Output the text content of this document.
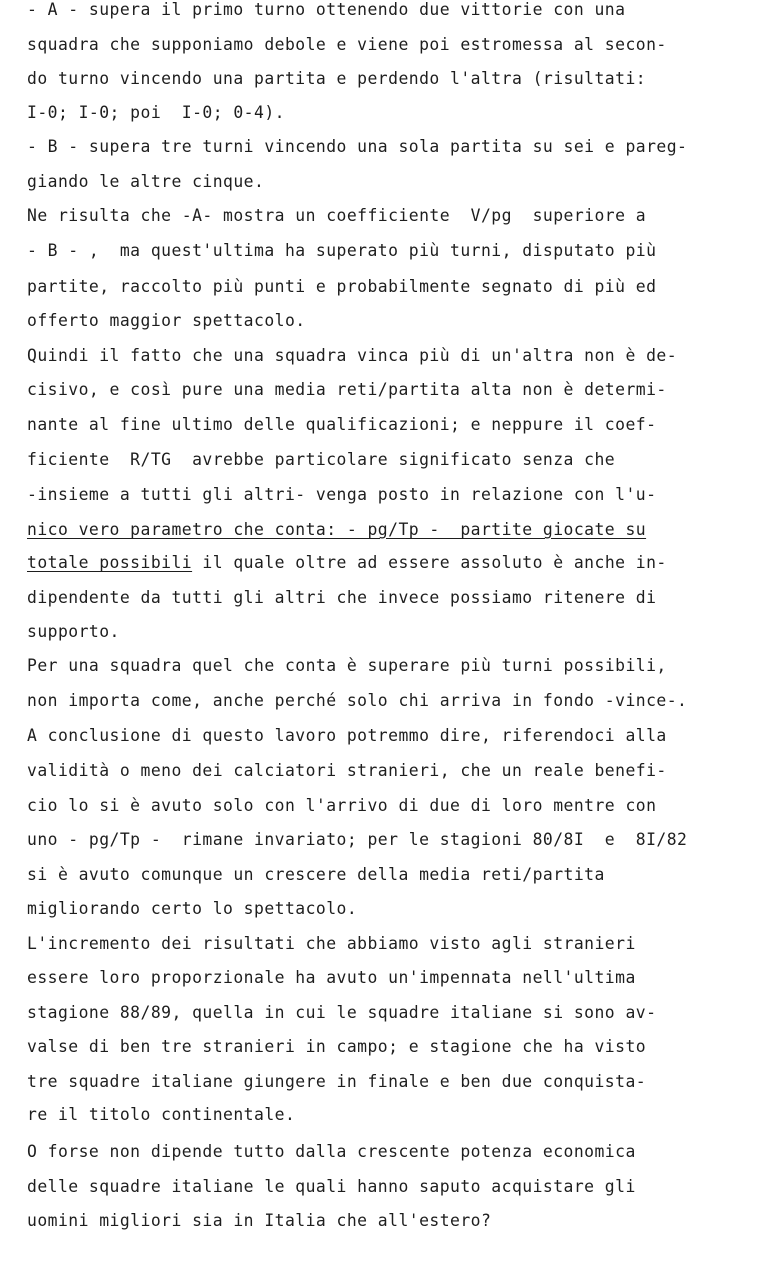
- A - supera il primo turno ottenendo due vittorie con una

squadra che supponiamo debole e viene poi estromessa al secon-

do turno vincendo una partita e perdendo l'altra (risultati:

I-0; I-0; poi  I-0; 0-4).

- B - supera tre turni vincendo una sola partita su sei e pareg-

giando le altre cinque.

Ne risulta che -A- mostra un coefficiente  V/pg  superiore a

- B - ,  ma quest'ultima ha superato più turni, disputato più

partite, raccolto più punti e probabilmente segnato di più ed

offerto maggior spettacolo.

Quindi il fatto che una squadra vinca più di un'altra non è de-

cisivo, e così pure una media reti/partita alta non è determi-

nante al fine ultimo delle qualificazioni; e neppure il coef-

ficiente  R/TG  avrebbe particolare significato senza che

-insieme a tutti gli altri- venga posto in relazione con l'u-

nico vero parametro che conta: - pg/Tp -  partite giocate su

totale possibili il quale oltre ad essere assoluto è anche in-

dipendente da tutti gli altri che invece possiamo ritenere di

supporto.

Per una squadra quel che conta è superare più turni possibili,

non importa come, anche perché solo chi arriva in fondo -vince-.

A conclusione di questo lavoro potremmo dire, riferendoci alla

validità o meno dei calciatori stranieri, che un reale benefi-

cio lo si è avuto solo con l'arrivo di due di loro mentre con

uno - pg/Tp -  rimane invariato; per le stagioni 80/8I  e  8I/82

si è avuto comunque un crescere della media reti/partita

migliorando certo lo spettacolo.

L'incremento dei risultati che abbiamo visto agli stranieri

essere loro proporzionale ha avuto un'impennata nell'ultima

stagione 88/89, quella in cui le squadre italiane si sono av-

valse di ben tre stranieri in campo; e stagione che ha visto

tre squadre italiane giungere in finale e ben due conquista-

re il titolo continentale.

O forse non dipende tutto dalla crescente potenza economica

delle squadre italiane le quali hanno saputo acquistare gli

uomini migliori sia in Italia che all'estero?
